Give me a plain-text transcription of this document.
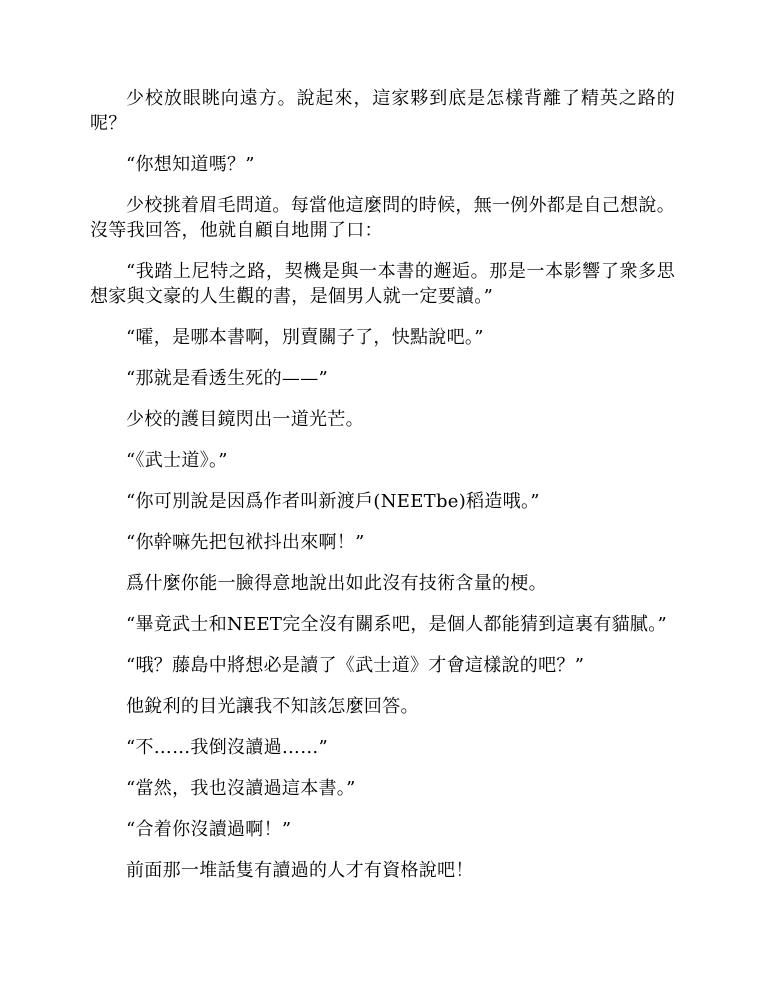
少校放眼眺向遠方。說起來，這家夥到底是怎樣背離了精英之路的呢？

“你想知道嗎？”

少校挑着眉毛問道。每當他這麼問的時候，無一例外都是自己想說。沒等我回答，他就自顧自地開了口：

“我踏上尼特之路，契機是與一本書的邂逅。那是一本影響了衆多思想家與文豪的人生觀的書，是個男人就一定要讀。”

“嚯，是哪本書啊，別賣關子了，快點說吧。”

“那就是看透生死的——”

少校的護目鏡閃出一道光芒。

“《武士道》。”

“你可別說是因爲作者叫新渡戶(NEETbe)稻造哦。”

“你幹嘛先把包袱抖出來啊！”

爲什麼你能一臉得意地說出如此沒有技術含量的梗。

“畢竟武士和NEET完全沒有關系吧，是個人都能猜到這裏有貓膩。”

“哦？藤島中將想必是讀了《武士道》才會這樣說的吧？”

他銳利的目光讓我不知該怎麼回答。

“不……我倒沒讀過……”

“當然，我也沒讀過這本書。”

“合着你沒讀過啊！”

前面那一堆話隻有讀過的人才有資格說吧！
